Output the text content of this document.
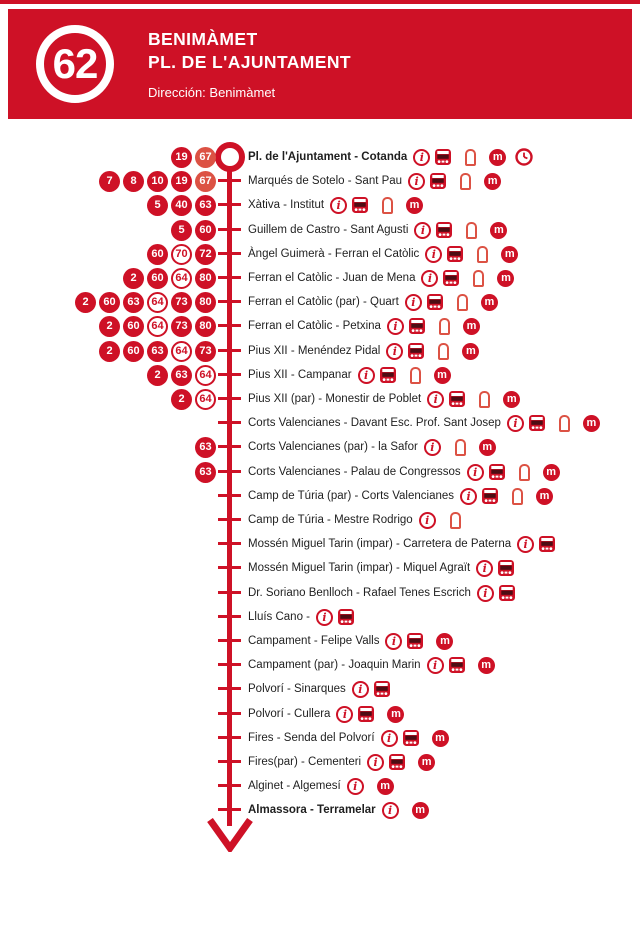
62
BENIMÀMET
PL. DE L'AJUNTAMENT
Dirección: Benimàmet
19	67	Pl. de l'Ajuntament - Cotanda	i	m
7	8	10	19	67	Marqués de Sotelo - Sant Pau	i	m
5	40	63	Xàtiva - Institut	i	m
5	60	Guillem de Castro - Sant Agusti	i	m
60	70	72	Àngel Guimerà - Ferran el Catòlic	i	m
2	60	64	80	Ferran el Catòlic - Juan de Mena	i	m
2	60	63	64	73	80	Ferran el Catòlic (par) - Quart	i	m
2	60	64	73	80	Ferran el Catòlic - Petxina	i	m
2	60	63	64	73	Pius XII - Menéndez Pidal	i	m
2	63	64	Pius XII - Campanar	i	m
2	64	Pius XII (par) - Monestir de Poblet	i	m
Corts Valencianes - Davant Esc. Prof. Sant Josep	i	m
63	Corts Valencianes (par) - la Safor	i	m
63	Corts Valencianes - Palau de Congressos	i	m
Camp de Túria (par) - Corts Valencianes	i	m
Camp de Túria - Mestre Rodrigo	i
Mossén Miguel Tarin (impar) - Carretera de Paterna	i
Mossén Miguel Tarin (impar) - Miquel Agraït	i
Dr. Soriano Benlloch - Rafael Tenes Escrich	i
Lluís Cano -	i
Campament - Felipe Valls	i	m
Campament (par) - Joaquin Marin	i	m
Polvorí - Sinarques	i
Polvorí - Cullera	i	m
Fires - Senda del Polvorí	i	m
Fires(par) - Cementeri	i	m
Alginet - Algemesí	i	m
Almassora - Terramelar	i	m
